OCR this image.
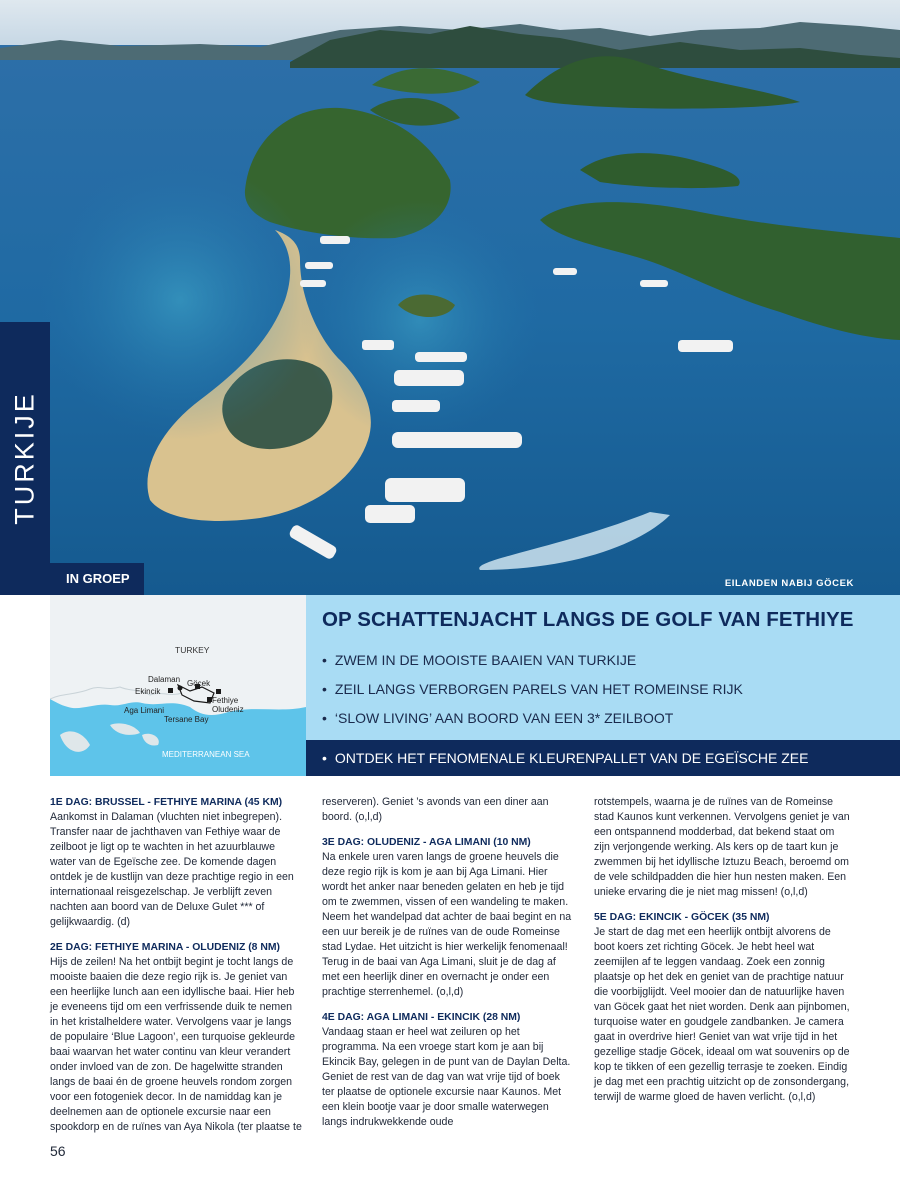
TURKIJE
IN GROEP	EILANDEN NABIJ GÖCEK
TURKEY
Dalaman Göcek
Ekincik
Fethiye
Oludeniz
Aga Limani
Tersane Bay
MEDITERRANEAN SEA
OP SCHATTENJACHT LANGS DE GOLF VAN FETHIYE
• ZWEM IN DE MOOISTE BAAIEN VAN TURKIJE
• ZEIL LANGS VERBORGEN PARELS VAN HET ROMEINSE RIJK
• ‘SLOW LIVING’ AAN BOORD VAN EEN 3* ZEILBOOT
• ONTDEK HET FENOMENALE KLEURENPALLET VAN DE EGEÏSCHE ZEE
1E DAG: BRUSSEL - FETHIYE MARINA (45 KM)

Aankomst in Dalaman (vluchten niet inbegrepen). Transfer naar de jachthaven van Fethiye waar de zeilboot je ligt op te wachten in het azuurblauwe water van de Egeïsche zee. De komende dagen ontdek je de kustlijn van deze prachtige regio in een internationaal reisgezelschap. Je verblijft zeven nachten aan boord van de Deluxe Gulet *** of gelijkwaardig. (d)

2E DAG: FETHIYE MARINA - OLUDENIZ (8 NM)

Hijs de zeilen! Na het ontbijt begint je tocht langs de mooiste baaien die deze regio rijk is. Je geniet van een heerlijke lunch aan een idyllische baai. Hier heb je eveneens tijd om een verfrissende duik te nemen in het kristalheldere water. Vervolgens vaar je langs de populaire ‘Blue Lagoon’, een turquoise gekleurde baai waarvan het water continu van kleur verandert onder invloed van de zon. De hagelwitte stranden langs de baai én de groene heuvels rondom zorgen voor een fotogeniek decor. In de namiddag kan je deelnemen aan de optionele excursie naar een spookdorp en de ruïnes van Aya Nikola (ter plaatse te

reserveren). Geniet ’s avonds van een diner aan boord. (o,l,d)

3E DAG: OLUDENIZ - AGA LIMANI (10 NM)

Na enkele uren varen langs de groene heuvels die deze regio rijk is kom je aan bij Aga Limani. Hier wordt het anker naar beneden gelaten en heb je tijd om te zwemmen, vissen of een wandeling te maken. Neem het wandelpad dat achter de baai begint en na een uur bereik je de ruïnes van de oude Romeinse stad Lydae. Het uitzicht is hier werkelijk fenomenaal! Terug in de baai van Aga Limani, sluit je de dag af met een heerlijk diner en overnacht je onder een prachtige sterrenhemel. (o,l,d)

4E DAG: AGA LIMANI - EKINCIK (28 NM)

Vandaag staan er heel wat zeiluren op het programma. Na een vroege start kom je aan bij Ekincik Bay, gelegen in de punt van de Daylan Delta. Geniet de rest van de dag van wat vrije tijd of boek ter plaatse de optionele excursie naar Kaunos. Met een klein bootje vaar je door smalle waterwegen langs indrukwekkende oude

rotstempels, waarna je de ruïnes van de Romeinse stad Kaunos kunt verkennen. Vervolgens geniet je van een ontspannend modderbad, dat bekend staat om zijn verjongende werking. Als kers op de taart kun je zwemmen bij het idyllische Iztuzu Beach, beroemd om de vele schildpadden die hier hun nesten maken. Een unieke ervaring die je niet mag missen! (o,l,d)

5E DAG: EKINCIK - GÖCEK (35 NM)

Je start de dag met een heerlijk ontbijt alvorens de boot koers zet richting Göcek. Je hebt heel wat zeemijlen af te leggen vandaag. Zoek een zonnig plaatsje op het dek en geniet van de prachtige natuur die voorbijglijdt. Veel mooier dan de natuurlijke haven van Göcek gaat het niet worden. Denk aan pijnbomen, turquoise water en goudgele zandbanken. Je camera gaat in overdrive hier! Geniet van wat vrije tijd in het gezellige stadje Göcek, ideaal om wat souvenirs op de kop te tikken of een gezellig terrasje te zoeken. Eindig je dag met een prachtig uitzicht op de zonsondergang, terwijl de warme gloed de haven verlicht. (o,l,d)

56
